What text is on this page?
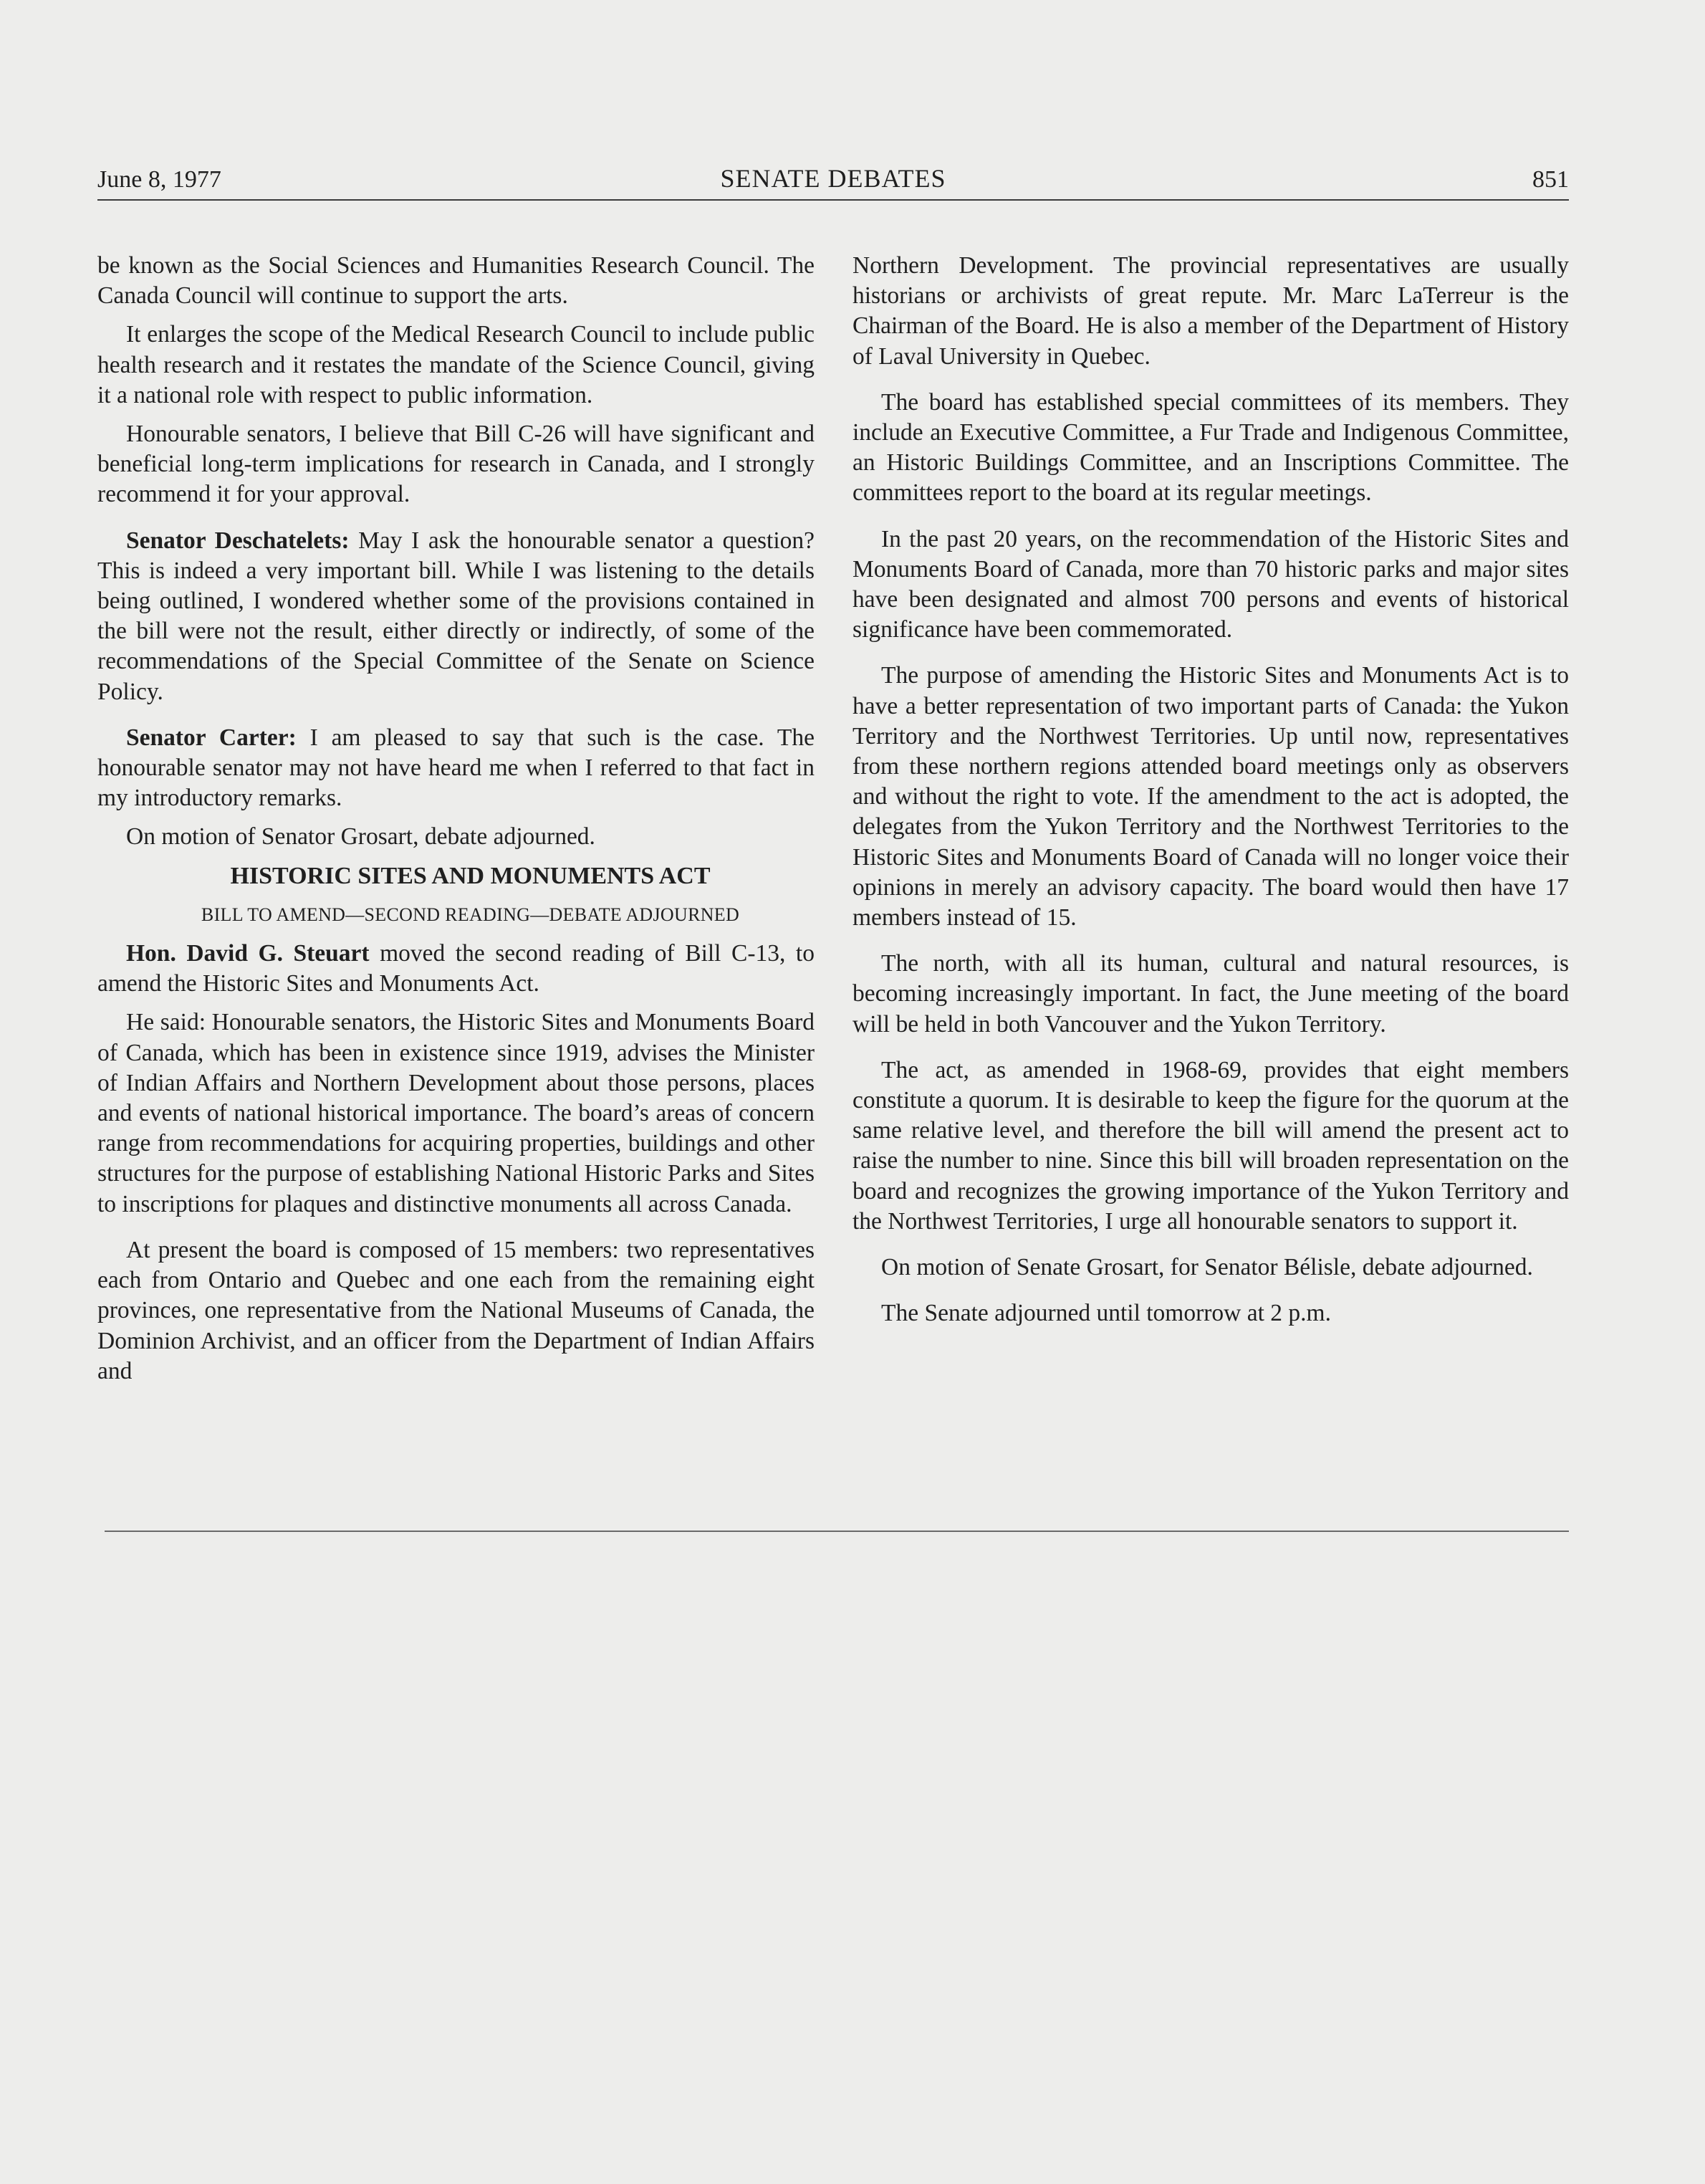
June 8, 1977	SENATE DEBATES	851

be known as the Social Sciences and Humanities Research Council. The Canada Council will continue to support the arts.

It enlarges the scope of the Medical Research Council to include public health research and it restates the mandate of the Science Council, giving it a national role with respect to public information.

Honourable senators, I believe that Bill C-26 will have significant and beneficial long-term implications for research in Canada, and I strongly recommend it for your approval.

Senator Deschatelets: May I ask the honourable senator a question? This is indeed a very important bill. While I was listening to the details being outlined, I wondered whether some of the provisions contained in the bill were not the result, either directly or indirectly, of some of the recommendations of the Special Committee of the Senate on Science Policy.

Senator Carter: I am pleased to say that such is the case. The honourable senator may not have heard me when I referred to that fact in my introductory remarks.

On motion of Senator Grosart, debate adjourned.

HISTORIC SITES AND MONUMENTS ACT

BILL TO AMEND—SECOND READING—DEBATE ADJOURNED

Hon. David G. Steuart moved the second reading of Bill C-13, to amend the Historic Sites and Monuments Act.

He said: Honourable senators, the Historic Sites and Monuments Board of Canada, which has been in existence since 1919, advises the Minister of Indian Affairs and Northern Development about those persons, places and events of national historical importance. The board’s areas of concern range from recommendations for acquiring properties, buildings and other structures for the purpose of establishing National Historic Parks and Sites to inscriptions for plaques and distinctive monuments all across Canada.

At present the board is composed of 15 members: two representatives each from Ontario and Quebec and one each from the remaining eight provinces, one representative from the National Museums of Canada, the Dominion Archivist, and an officer from the Department of Indian Affairs and

Northern Development. The provincial representatives are usually historians or archivists of great repute. Mr. Marc LaTerreur is the Chairman of the Board. He is also a member of the Department of History of Laval University in Quebec.

The board has established special committees of its members. They include an Executive Committee, a Fur Trade and Indigenous Committee, an Historic Buildings Committee, and an Inscriptions Committee. The committees report to the board at its regular meetings.

In the past 20 years, on the recommendation of the Historic Sites and Monuments Board of Canada, more than 70 historic parks and major sites have been designated and almost 700 persons and events of historical significance have been commemorated.

The purpose of amending the Historic Sites and Monuments Act is to have a better representation of two important parts of Canada: the Yukon Territory and the Northwest Territories. Up until now, representatives from these northern regions attended board meetings only as observers and without the right to vote. If the amendment to the act is adopted, the delegates from the Yukon Territory and the Northwest Territories to the Historic Sites and Monuments Board of Canada will no longer voice their opinions in merely an advisory capacity. The board would then have 17 members instead of 15.

The north, with all its human, cultural and natural resources, is becoming increasingly important. In fact, the June meeting of the board will be held in both Vancouver and the Yukon Territory.

The act, as amended in 1968-69, provides that eight members constitute a quorum. It is desirable to keep the figure for the quorum at the same relative level, and therefore the bill will amend the present act to raise the number to nine. Since this bill will broaden representation on the board and recognizes the growing importance of the Yukon Territory and the Northwest Territories, I urge all honourable senators to support it.

On motion of Senate Grosart, for Senator Bélisle, debate adjourned.

The Senate adjourned until tomorrow at 2 p.m.
